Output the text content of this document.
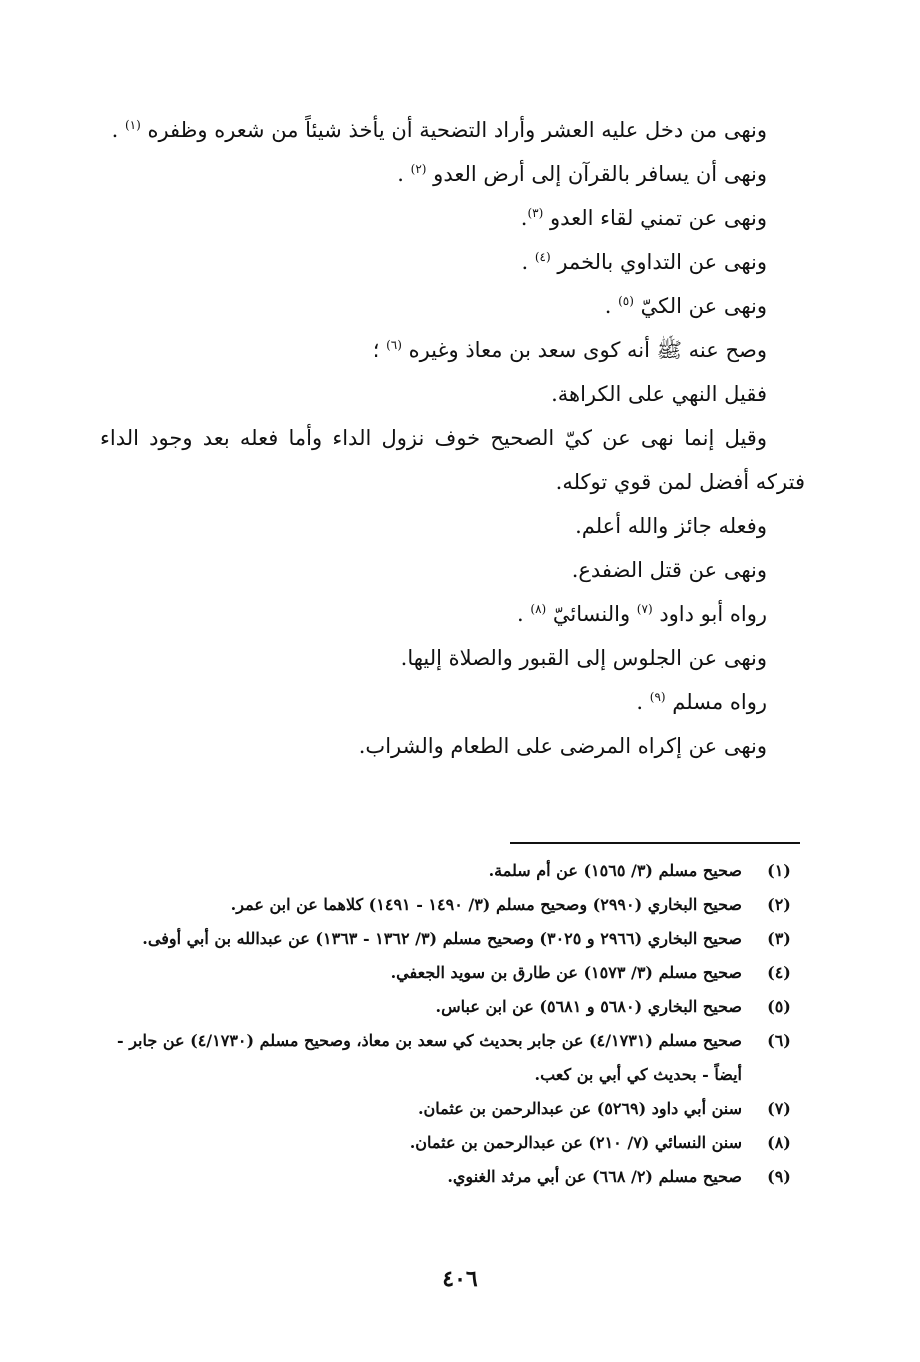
ونهى من دخل عليه العشر وأراد التضحية أن يأخذ شيئاً من شعره وظفره $^{(١)}$ .

ونهى أن يسافر بالقرآن إلى أرض العدو $^{(٢)}$ .

ونهى عن تمني لقاء العدو $^{(٣)}$.

ونهى عن التداوي بالخمر $^{(٤)}$ .

ونهى عن الكيّ $^{(٥)}$ .

وصح عنه ﷺ أنه كوى سعد بن معاذ وغيره $^{(٦)}$ ؛

فقيل النهي على الكراهة.

وقيل إنما نهى عن كيّ الصحيح خوف نزول الداء وأما فعله بعد وجود الداء فتركه أفضل لمن قوي توكله.

وفعله جائز والله أعلم.

ونهى عن قتل الضفدع.

رواه أبو داود $^{(٧)}$ والنسائيّ $^{(٨)}$ .

ونهى عن الجلوس إلى القبور والصلاة إليها.

رواه مسلم $^{(٩)}$ .

ونهى عن إكراه المرضى على الطعام والشراب.

(١)
صحيح مسلم (٣/ ١٥٦٥) عن أم سلمة.

(٢)
صحيح البخاري (٢٩٩٠) وصحيح مسلم (٣/ ١٤٩٠ - ١٤٩١) كلاهما عن ابن عمر.

(٣)
صحيح البخاري (٢٩٦٦ و ٣٠٢٥) وصحيح مسلم (٣/ ١٣٦٢ - ١٣٦٣) عن عبدالله بن أبي أوفى.

(٤)
صحيح مسلم (٣/ ١٥٧٣) عن طارق بن سويد الجعفي.

(٥)
صحيح البخاري (٥٦٨٠ و ٥٦٨١) عن ابن عباس.

(٦)
صحيح مسلم (٤/١٧٣١) عن جابر بحديث كي سعد بن معاذ، وصحيح مسلم (٤/١٧٣٠) عن جابر - أيضاً - بحديث كي أبي بن كعب.

(٧)
سنن أبي داود (٥٢٦٩) عن عبدالرحمن بن عثمان.

(٨)
سنن النسائي (٧/ ٢١٠) عن عبدالرحمن بن عثمان.

(٩)
صحيح مسلم (٢/ ٦٦٨) عن أبي مرثد الغنوي.

٤٠٦
